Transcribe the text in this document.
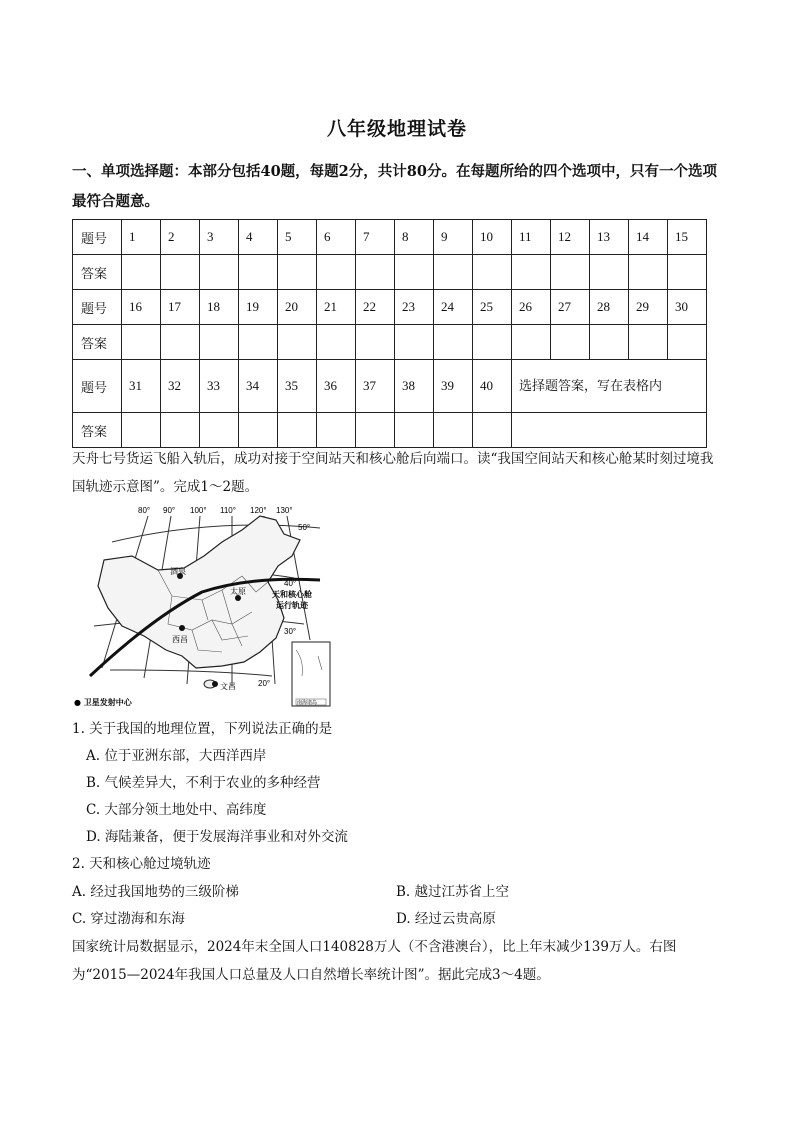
八年级地理试卷
一、单项选择题：本部分包括40题，每题2分，共计80分。在每题所给的四个选项中，只有一个选项最符合题意。
题号	1	2	3	4	5	6	7	8	9	10	11	12	13	14	15
答案															
题号	16	17	18	19	20	21	22	23	24	25	26	27	28	29	30
答案															
题号	31	32	33	34	35	36	37	38	39	40	选择题答案，写在表格内				
答案															
天舟七号货运飞船入轨后，成功对接于空间站天和核心舱后向端口。读“我国空间站天和核心舱某时刻过境我国轨迹示意图”。完成1～2题。
80° 90° 100° 110° 120° 130°
50°
40°
30°
20°
酒泉
太原
西昌
文昌
天和核心舱
运行轨迹
● 卫星发射中心	南海诸岛
1. 关于我国的地理位置，下列说法正确的是
A. 位于亚洲东部，大西洋西岸
B. 气候差异大，不利于农业的多种经营
C. 大部分领土地处中、高纬度
D. 海陆兼备，便于发展海洋事业和对外交流
2. 天和核心舱过境轨迹
A. 经过我国地势的三级阶梯	B. 越过江苏省上空
C. 穿过渤海和东海	D. 经过云贵高原
国家统计局数据显示，2024年末全国人口140828万人（不含港澳台），比上年末减少139万人。右图为“2015—2024年我国人口总量及人口自然增长率统计图”。据此完成3～4题。
